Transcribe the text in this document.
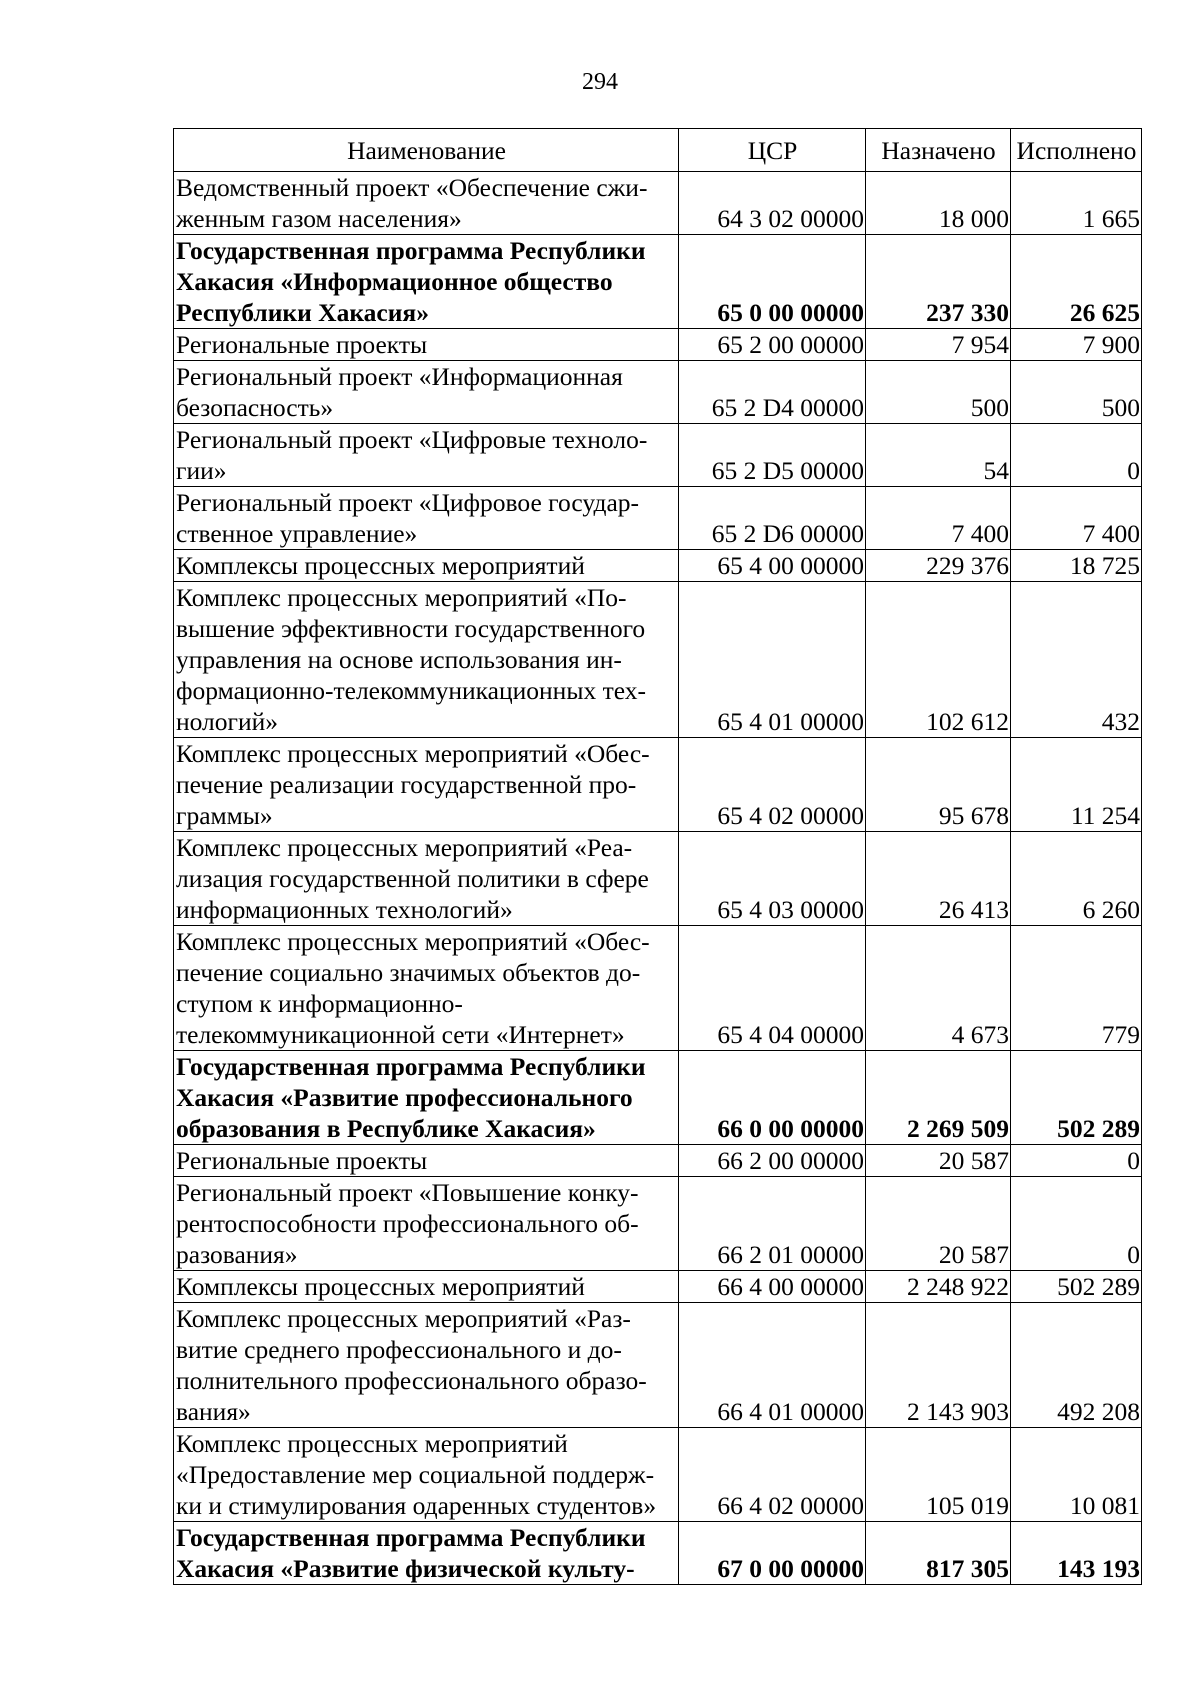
294
Наименование	ЦСР	Назначено	Исполнено
Ведомственный проект «Обеспечение сжи-
женным газом населения»	64 3 02 00000	18 000	1 665
Государственная программа Республики
Хакасия «Информационное общество
Республики Хакасия»	65 0 00 00000	237 330	26 625
Региональные проекты	65 2 00 00000	7 954	7 900
Региональный проект «Информационная
безопасность»	65 2 D4 00000	500	500
Региональный проект «Цифровые техноло-
гии»	65 2 D5 00000	54	0
Региональный проект «Цифровое государ-
ственное управление»	65 2 D6 00000	7 400	7 400
Комплексы процессных мероприятий	65 4 00 00000	229 376	18 725
Комплекс процессных мероприятий «По-
вышение эффективности государственного
управления на основе использования ин-
формационно-телекоммуникационных тех-
нологий»	65 4 01 00000	102 612	432
Комплекс процессных мероприятий «Обес-
печение реализации государственной про-
граммы»	65 4 02 00000	95 678	11 254
Комплекс процессных мероприятий «Реа-
лизация государственной политики в сфере
информационных технологий»	65 4 03 00000	26 413	6 260
Комплекс процессных мероприятий «Обес-
печение социально значимых объектов до-
ступом к информационно-
телекоммуникационной сети «Интернет»	65 4 04 00000	4 673	779
Государственная программа Республики
Хакасия «Развитие профессионального
образования в Республике Хакасия»	66 0 00 00000	2 269 509	502 289
Региональные проекты	66 2 00 00000	20 587	0
Региональный проект «Повышение конку-
рентоспособности профессионального об-
разования»	66 2 01 00000	20 587	0
Комплексы процессных мероприятий	66 4 00 00000	2 248 922	502 289
Комплекс процессных мероприятий «Раз-
витие среднего профессионального и до-
полнительного профессионального образо-
вания»	66 4 01 00000	2 143 903	492 208
Комплекс процессных мероприятий
«Предоставление мер социальной поддерж-
ки и стимулирования одаренных студентов»	66 4 02 00000	105 019	10 081
Государственная программа Республики
Хакасия «Развитие физической культу-	67 0 00 00000	817 305	143 193
